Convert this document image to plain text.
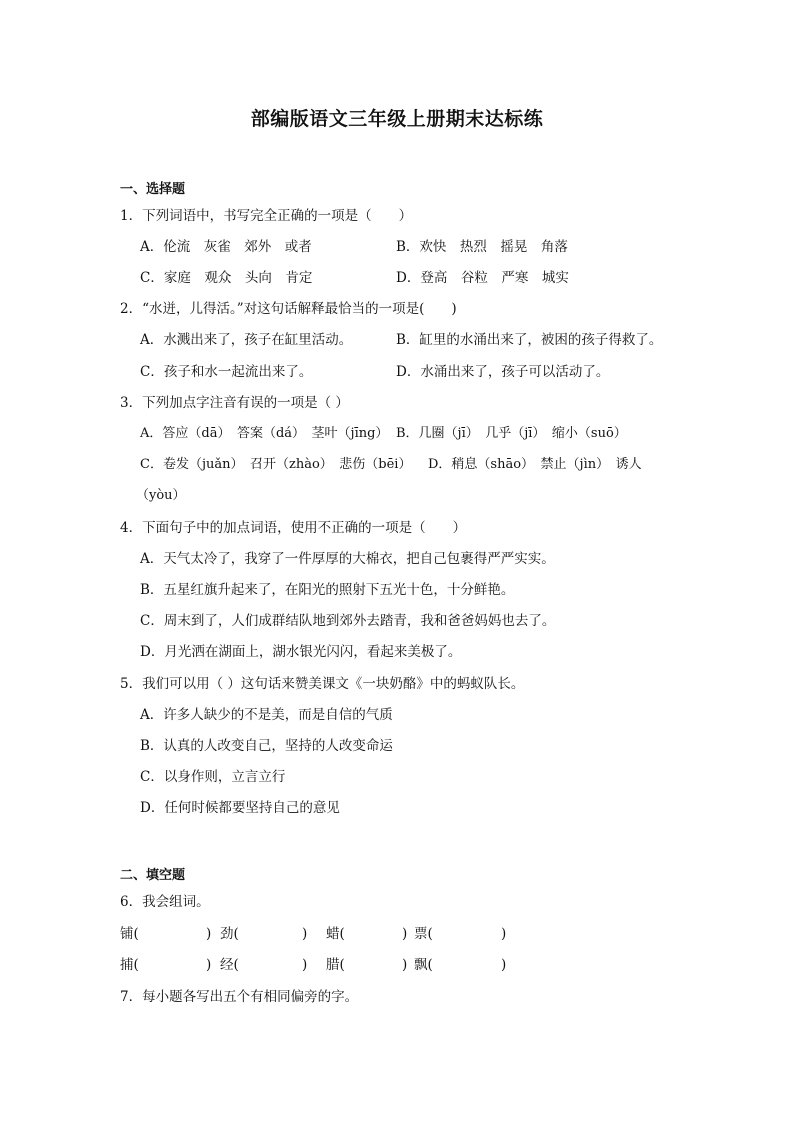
部编版语文三年级上册期末达标练
一、选择题
1．下列词语中，书写完全正确的一项是（　　）
A．伦流　灰雀　郊外　或者	B．欢快　热烈　摇晃　角落
C．家庭　观众　头向　肯定	D．登高　谷粒　严寒　城实
2．“水迸，儿得活。”对这句话解释最恰当的一项是(　　)
A．水溅出来了，孩子在缸里活动。	B．缸里的水涌出来了，被困的孩子得救了。
C．孩子和水一起流出来了。	D．水涌出来了，孩子可以活动了。
3．下列加点字注音有误的一项是（ ）
A．答应（dā）　答案（dá）　茎叶（jīng） B．几圈（jī）　几乎（jī）　缩小（suō）
C．卷发（juǎn）　召开（zhào）　悲伤（bēi） D．稍息（shāo）　禁止（jìn）　诱人
（yòu）
4．下面句子中的加点词语，使用不正确的一项是（　　）
A．天气太冷了，我穿了一件厚厚的大棉衣，把自己包裹得严严实实。
B．五星红旗升起来了，在阳光的照射下五光十色，十分鲜艳。
C．周末到了，人们成群结队地到郊外去踏青，我和爸爸妈妈也去了。
D．月光洒在湖面上，湖水银光闪闪，看起来美极了。
5．我们可以用（ ）这句话来赞美课文《一块奶酪》中的蚂蚁队长。
A．许多人缺少的不是美，而是自信的气质
B．认真的人改变自己，坚持的人改变命运
C．以身作则，立言立行
D．任何时候都要坚持自己的意见
二、填空题
6．我会组词。
铺(	) 劲(	) 蜡(	) 票(	)
捕(	) 经(	) 腊(	) 飘(	)
7．每小题各写出五个有相同偏旁的字。
